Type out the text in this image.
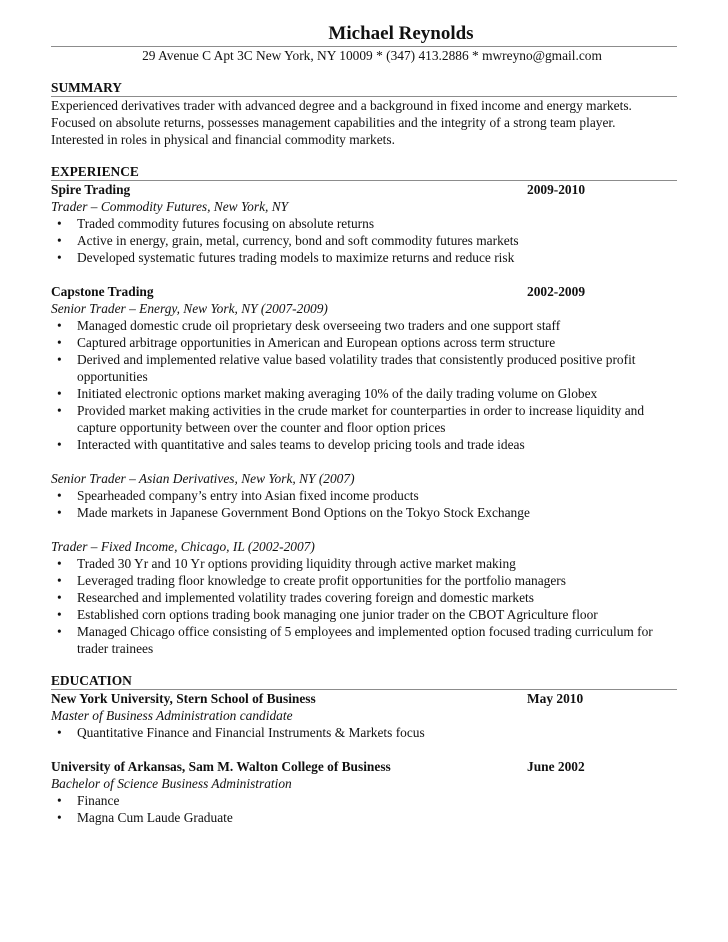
Michael Reynolds
29 Avenue C Apt 3C New York, NY 10009 * (347) 413.2886 * mwreyno@gmail.com
SUMMARY
Experienced derivatives trader with advanced degree and a background in fixed income and energy markets.
Focused on absolute returns, possesses management capabilities and the integrity of a strong team player.
Interested in roles in physical and financial commodity markets.
EXPERIENCE
Spire Trading	2009-2010
Trader – Commodity Futures, New York, NY
• Traded commodity futures focusing on absolute returns
• Active in energy, grain, metal, currency, bond and soft commodity futures markets
• Developed systematic futures trading models to maximize returns and reduce risk
Capstone Trading	2002-2009
Senior Trader – Energy, New York, NY (2007-2009)
• Managed domestic crude oil proprietary desk overseeing two traders and one support staff
• Captured arbitrage opportunities in American and European options across term structure
• Derived and implemented relative value based volatility trades that consistently produced positive profit opportunities
• Initiated electronic options market making averaging 10% of the daily trading volume on Globex
• Provided market making activities in the crude market for counterparties in order to increase liquidity and capture opportunity between over the counter and floor option prices
• Interacted with quantitative and sales teams to develop pricing tools and trade ideas
Senior Trader – Asian Derivatives, New York, NY (2007)
• Spearheaded company’s entry into Asian fixed income products
• Made markets in Japanese Government Bond Options on the Tokyo Stock Exchange
Trader – Fixed Income, Chicago, IL (2002-2007)
• Traded 30 Yr and 10 Yr options providing liquidity through active market making
• Leveraged trading floor knowledge to create profit opportunities for the portfolio managers
• Researched and implemented volatility trades covering foreign and domestic markets
• Established corn options trading book managing one junior trader on the CBOT Agriculture floor
• Managed Chicago office consisting of 5 employees and implemented option focused trading curriculum for trader trainees
EDUCATION
New York University, Stern School of Business	May 2010
Master of Business Administration candidate
• Quantitative Finance and Financial Instruments & Markets focus
University of Arkansas, Sam M. Walton College of Business	June 2002
Bachelor of Science Business Administration
• Finance
• Magna Cum Laude Graduate
